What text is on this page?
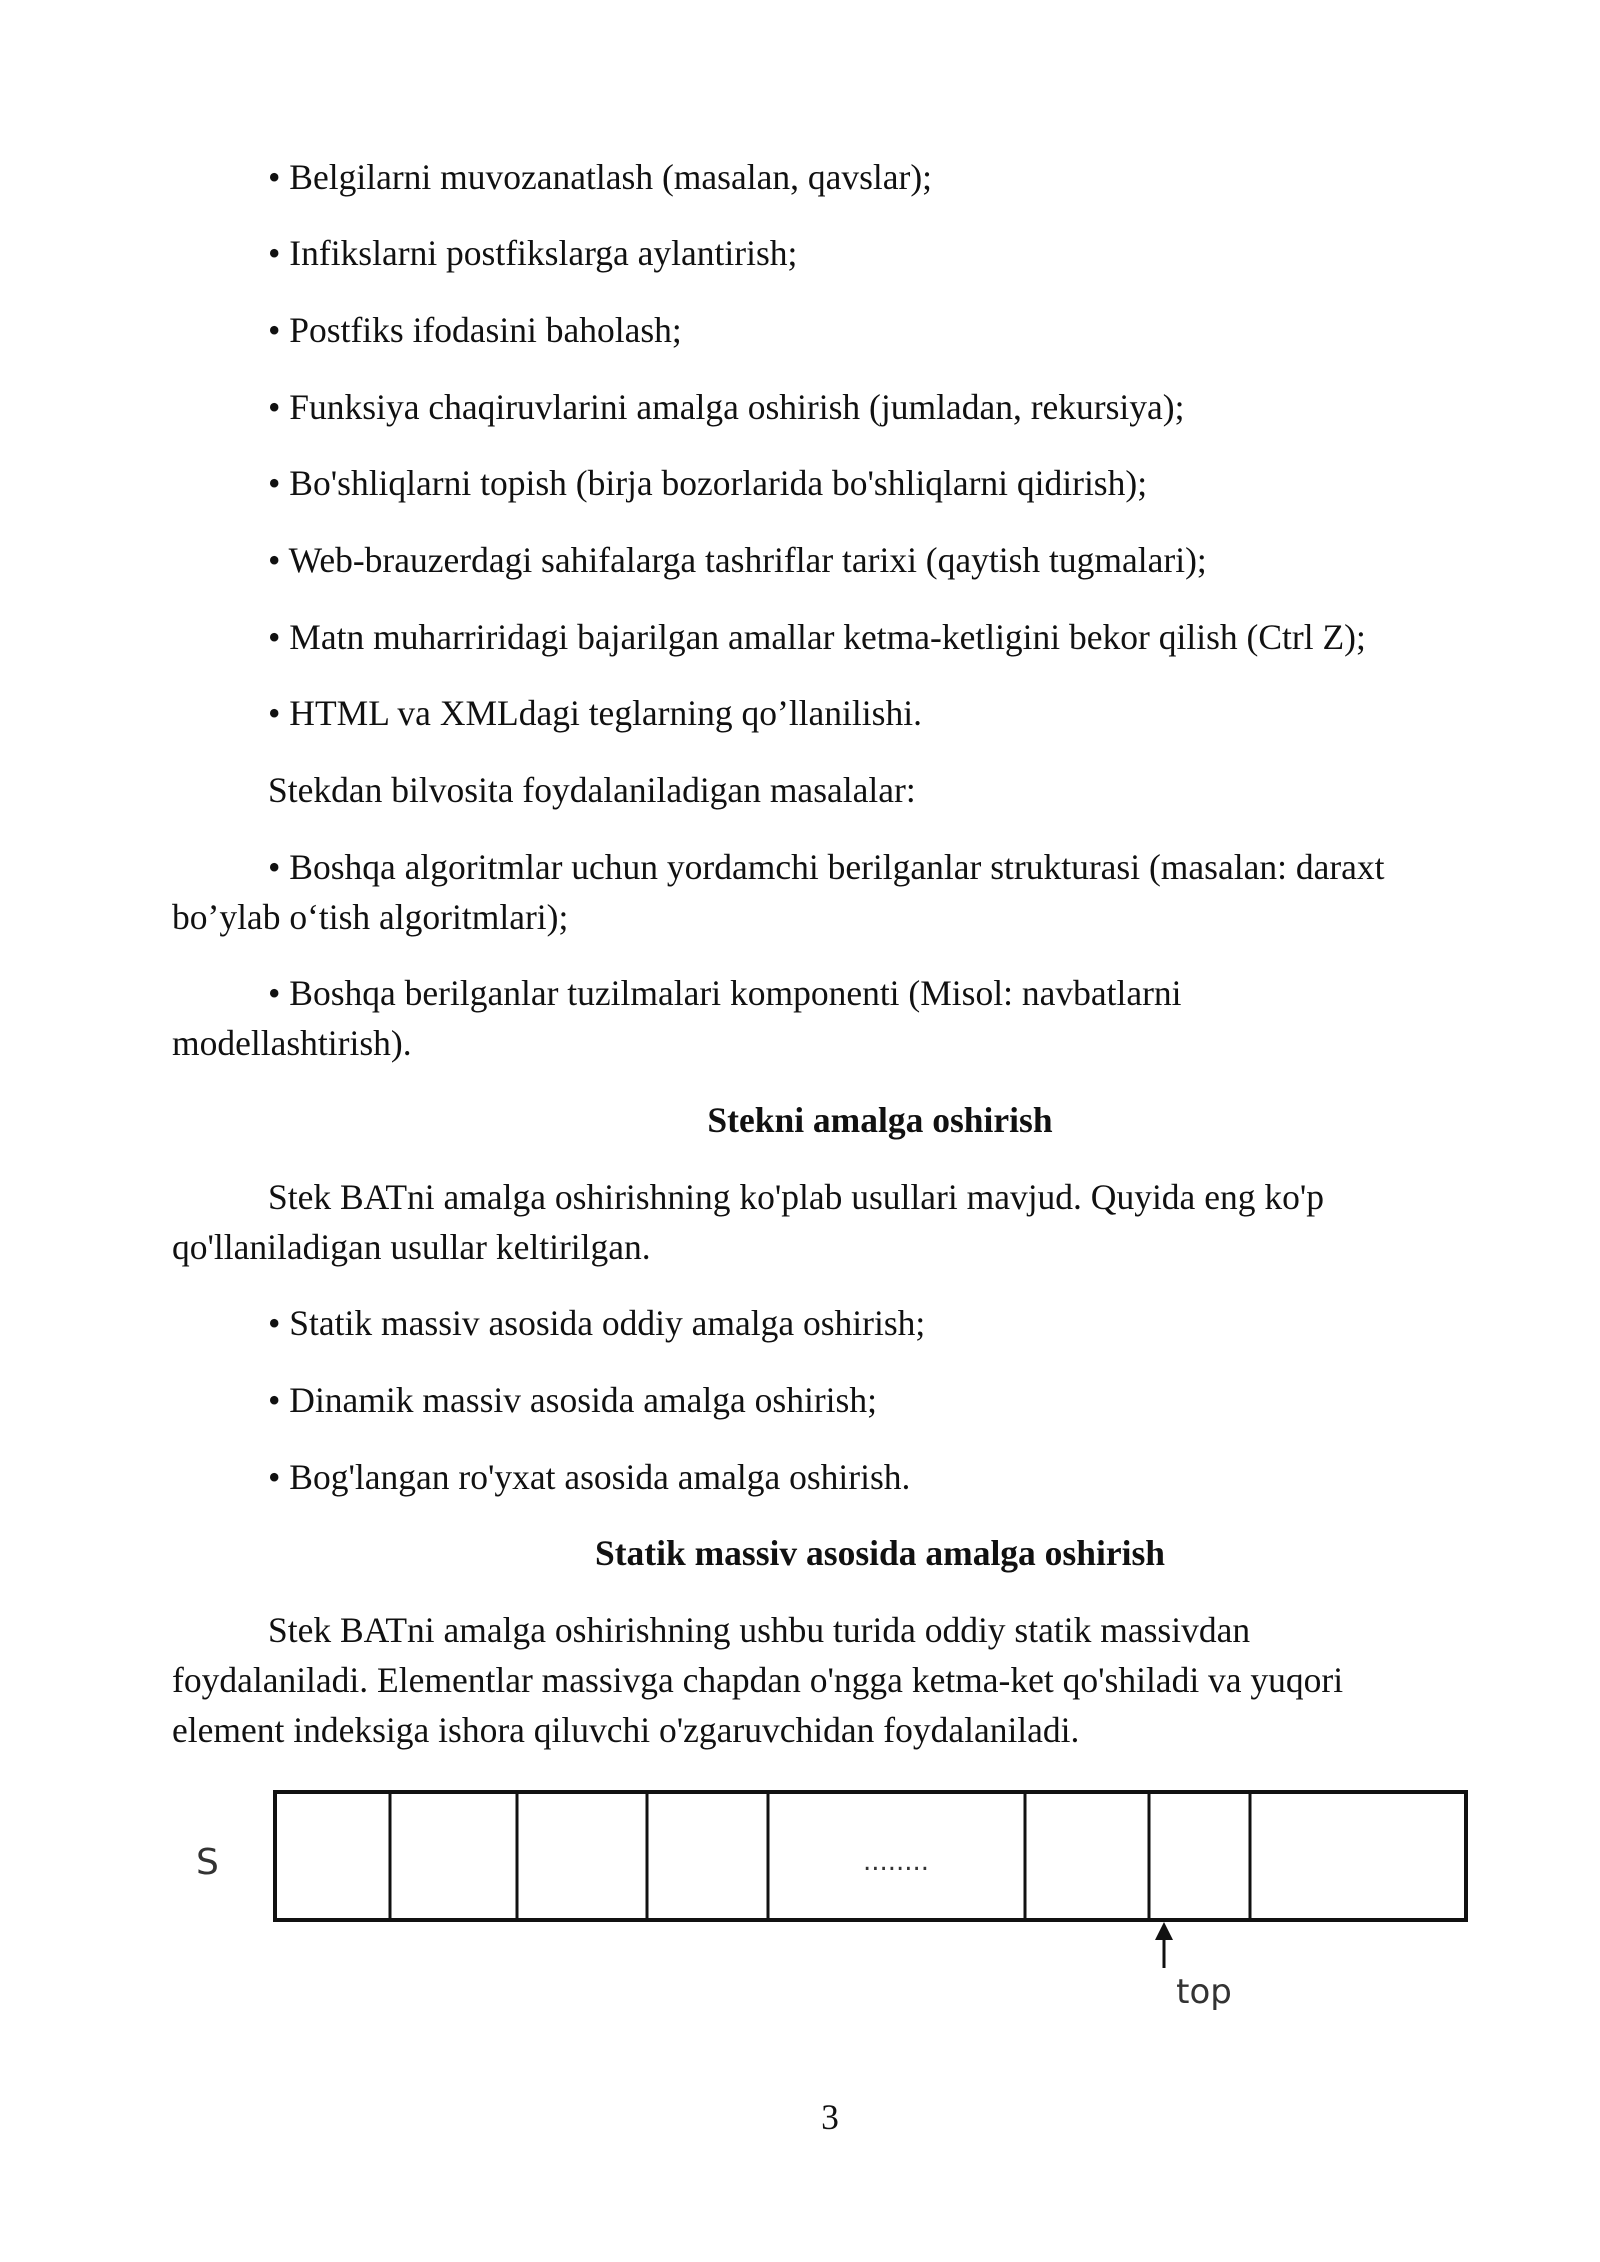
• Belgilarni muvozanatlash (masalan, qavslar);

• Infikslarni postfikslarga aylantirish;

• Postfiks ifodasini baholash;

• Funksiya chaqiruvlarini amalga oshirish (jumladan, rekursiya);

• Bo'shliqlarni topish (birja bozorlarida bo'shliqlarni qidirish);

• Web-brauzerdagi sahifalarga tashriflar tarixi (qaytish tugmalari);

• Matn muharriridagi bajarilgan amallar ketma-ketligini bekor qilish (Ctrl Z);

• HTML va XMLdagi teglarning qo’llanilishi.

Stekdan bilvosita foydalaniladigan masalalar:

• Boshqa algoritmlar uchun yordamchi berilganlar strukturasi (masalan: daraxt

bo’ylab o‘tish algoritmlari);

• Boshqa berilganlar tuzilmalari komponenti (Misol: navbatlarni

modellashtirish).

Stekni amalga oshirish

Stek BATni amalga oshirishning ko'plab usullari mavjud. Quyida eng ko'p

qo'llaniladigan usullar keltirilgan.

• Statik massiv asosida oddiy amalga oshirish;

• Dinamik massiv asosida amalga oshirish;

• Bog'langan ro'yxat asosida amalga oshirish.

Statik massiv asosida amalga oshirish

Stek BATni amalga oshirishning ushbu turida oddiy statik massivdan

foydalaniladi. Elementlar massivga chapdan o'ngga ketma-ket qo'shiladi va yuqori

element indeksiga ishora qiluvchi o'zgaruvchidan foydalaniladi.

S	........
top

3
